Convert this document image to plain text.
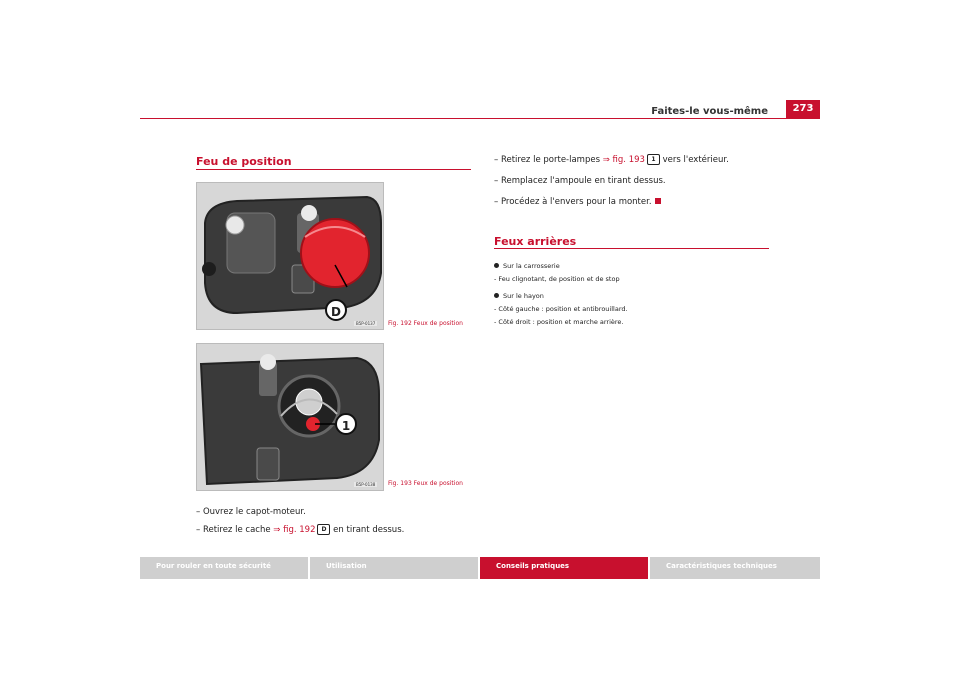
Faites-le vous-même	273
Feu de position
D
B5P-0137	Fig. 192 Feux de position
1
B5P-0138	Fig. 193 Feux de position
– Ouvrez le capot-moteur.
– Retirez le cache ⇒ fig. 192 D en tirant dessus.
– Retirez le porte-lampes ⇒ fig. 193 1 vers l'extérieur.
– Remplacez l'ampoule en tirant dessus.
– Procédez à l'envers pour la monter.
Feux arrières
Sur la carrosserie
- Feu clignotant, de position et de stop
Sur le hayon
- Côté gauche : position et antibrouillard.
- Côté droit : position et marche arrière.
Pour rouler en toute sécurité	Utilisation	Conseils pratiques	Caractéristiques techniques
